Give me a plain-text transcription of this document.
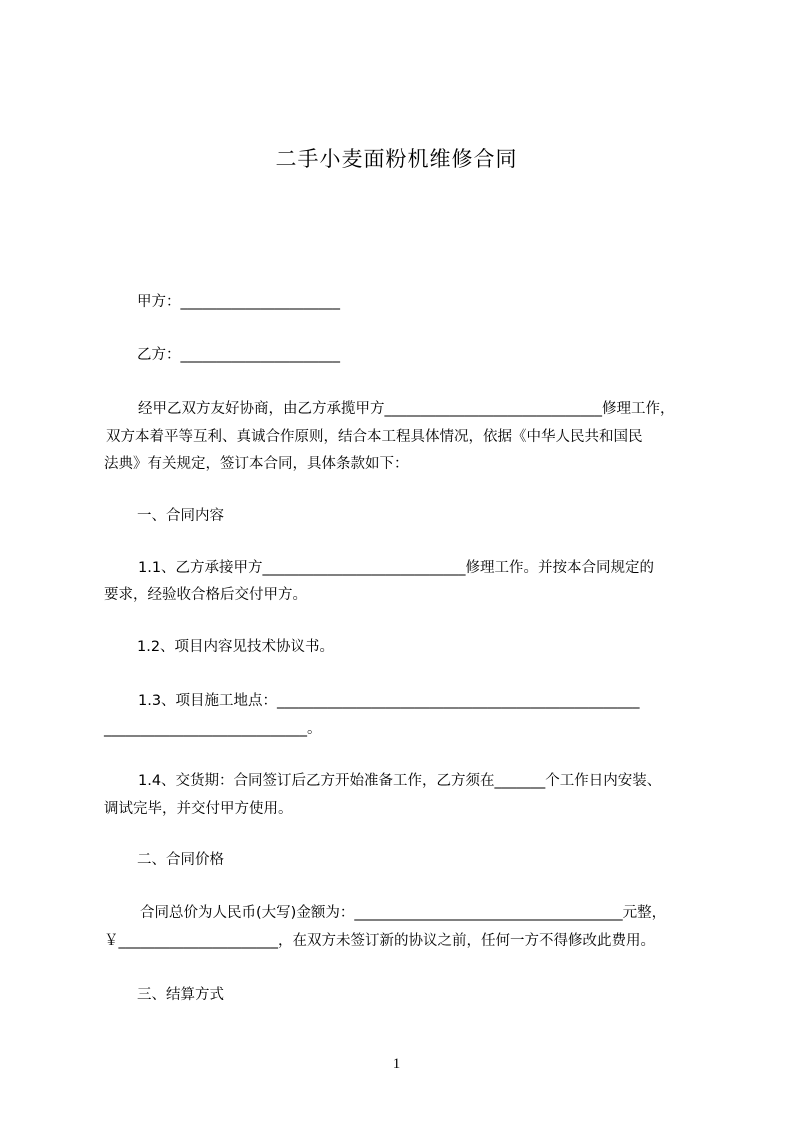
二手小麦面粉机维修合同
甲方：______________________
乙方：______________________
经甲乙双方友好协商，由乙方承揽甲方______________________________修理工作，
双方本着平等互利、真诚合作原则，结合本工程具体情况，依据《中华人民共和国民
法典》有关规定，签订本合同，具体条款如下：
一、合同内容
1.1、乙方承接甲方____________________________修理工作。并按本合同规定的
要求，经验收合格后交付甲方。
1.2、项目内容见技术协议书。
1.3、项目施工地点：__________________________________________________
____________________________。
1.4、交货期：合同签订后乙方开始准备工作，乙方须在_______个工作日内安装、
调试完毕，并交付甲方使用。
二、合同价格
合同总价为人民币(大写)金额为：_____________________________________元整，
￥______________________，在双方未签订新的协议之前，任何一方不得修改此费用。
三、结算方式
1
